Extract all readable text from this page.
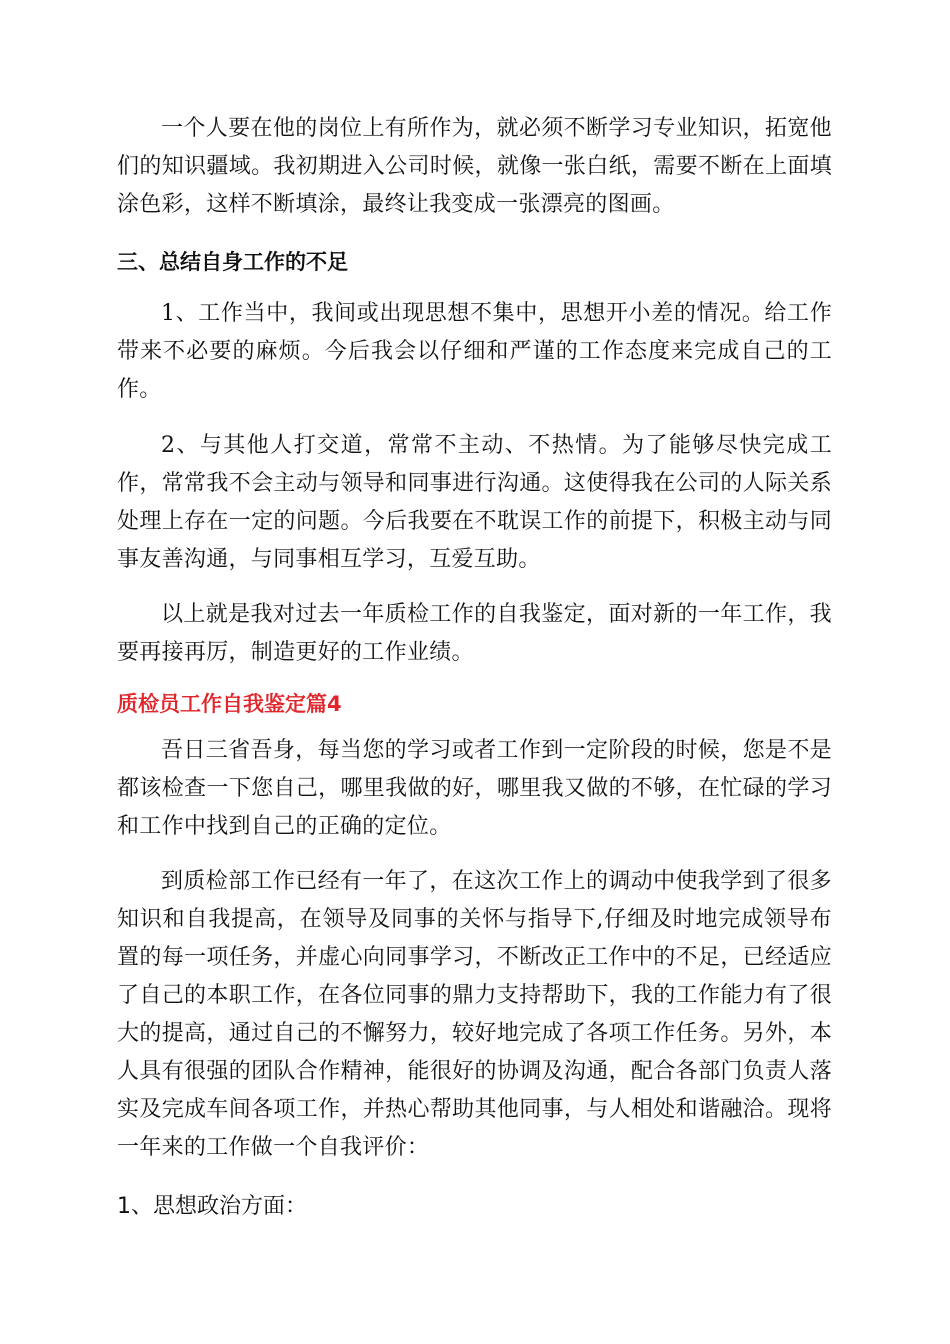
一个人要在他的岗位上有所作为，就必须不断学习专业知识，拓宽他们的知识疆域。我初期进入公司时候，就像一张白纸，需要不断在上面填涂色彩，这样不断填涂，最终让我变成一张漂亮的图画。

三、总结自身工作的不足

1、工作当中，我间或出现思想不集中，思想开小差的情况。给工作带来不必要的麻烦。今后我会以仔细和严谨的工作态度来完成自己的工作。

2、与其他人打交道，常常不主动、不热情。为了能够尽快完成工作，常常我不会主动与领导和同事进行沟通。这使得我在公司的人际关系处理上存在一定的问题。今后我要在不耽误工作的前提下，积极主动与同事友善沟通，与同事相互学习，互爱互助。

以上就是我对过去一年质检工作的自我鉴定，面对新的一年工作，我要再接再厉，制造更好的工作业绩。

质检员工作自我鉴定篇4

吾日三省吾身，每当您的学习或者工作到一定阶段的时候，您是不是都该检查一下您自己，哪里我做的好，哪里我又做的不够，在忙碌的学习和工作中找到自己的正确的定位。

到质检部工作已经有一年了，在这次工作上的调动中使我学到了很多知识和自我提高，在领导及同事的关怀与指导下,仔细及时地完成领导布置的每一项任务，并虚心向同事学习，不断改正工作中的不足，已经适应了自己的本职工作，在各位同事的鼎力支持帮助下，我的工作能力有了很大的提高，通过自己的不懈努力，较好地完成了各项工作任务。另外，本人具有很强的团队合作精神，能很好的协调及沟通，配合各部门负责人落实及完成车间各项工作，并热心帮助其他同事，与人相处和谐融洽。现将一年来的工作做一个自我评价：

1、思想政治方面：
